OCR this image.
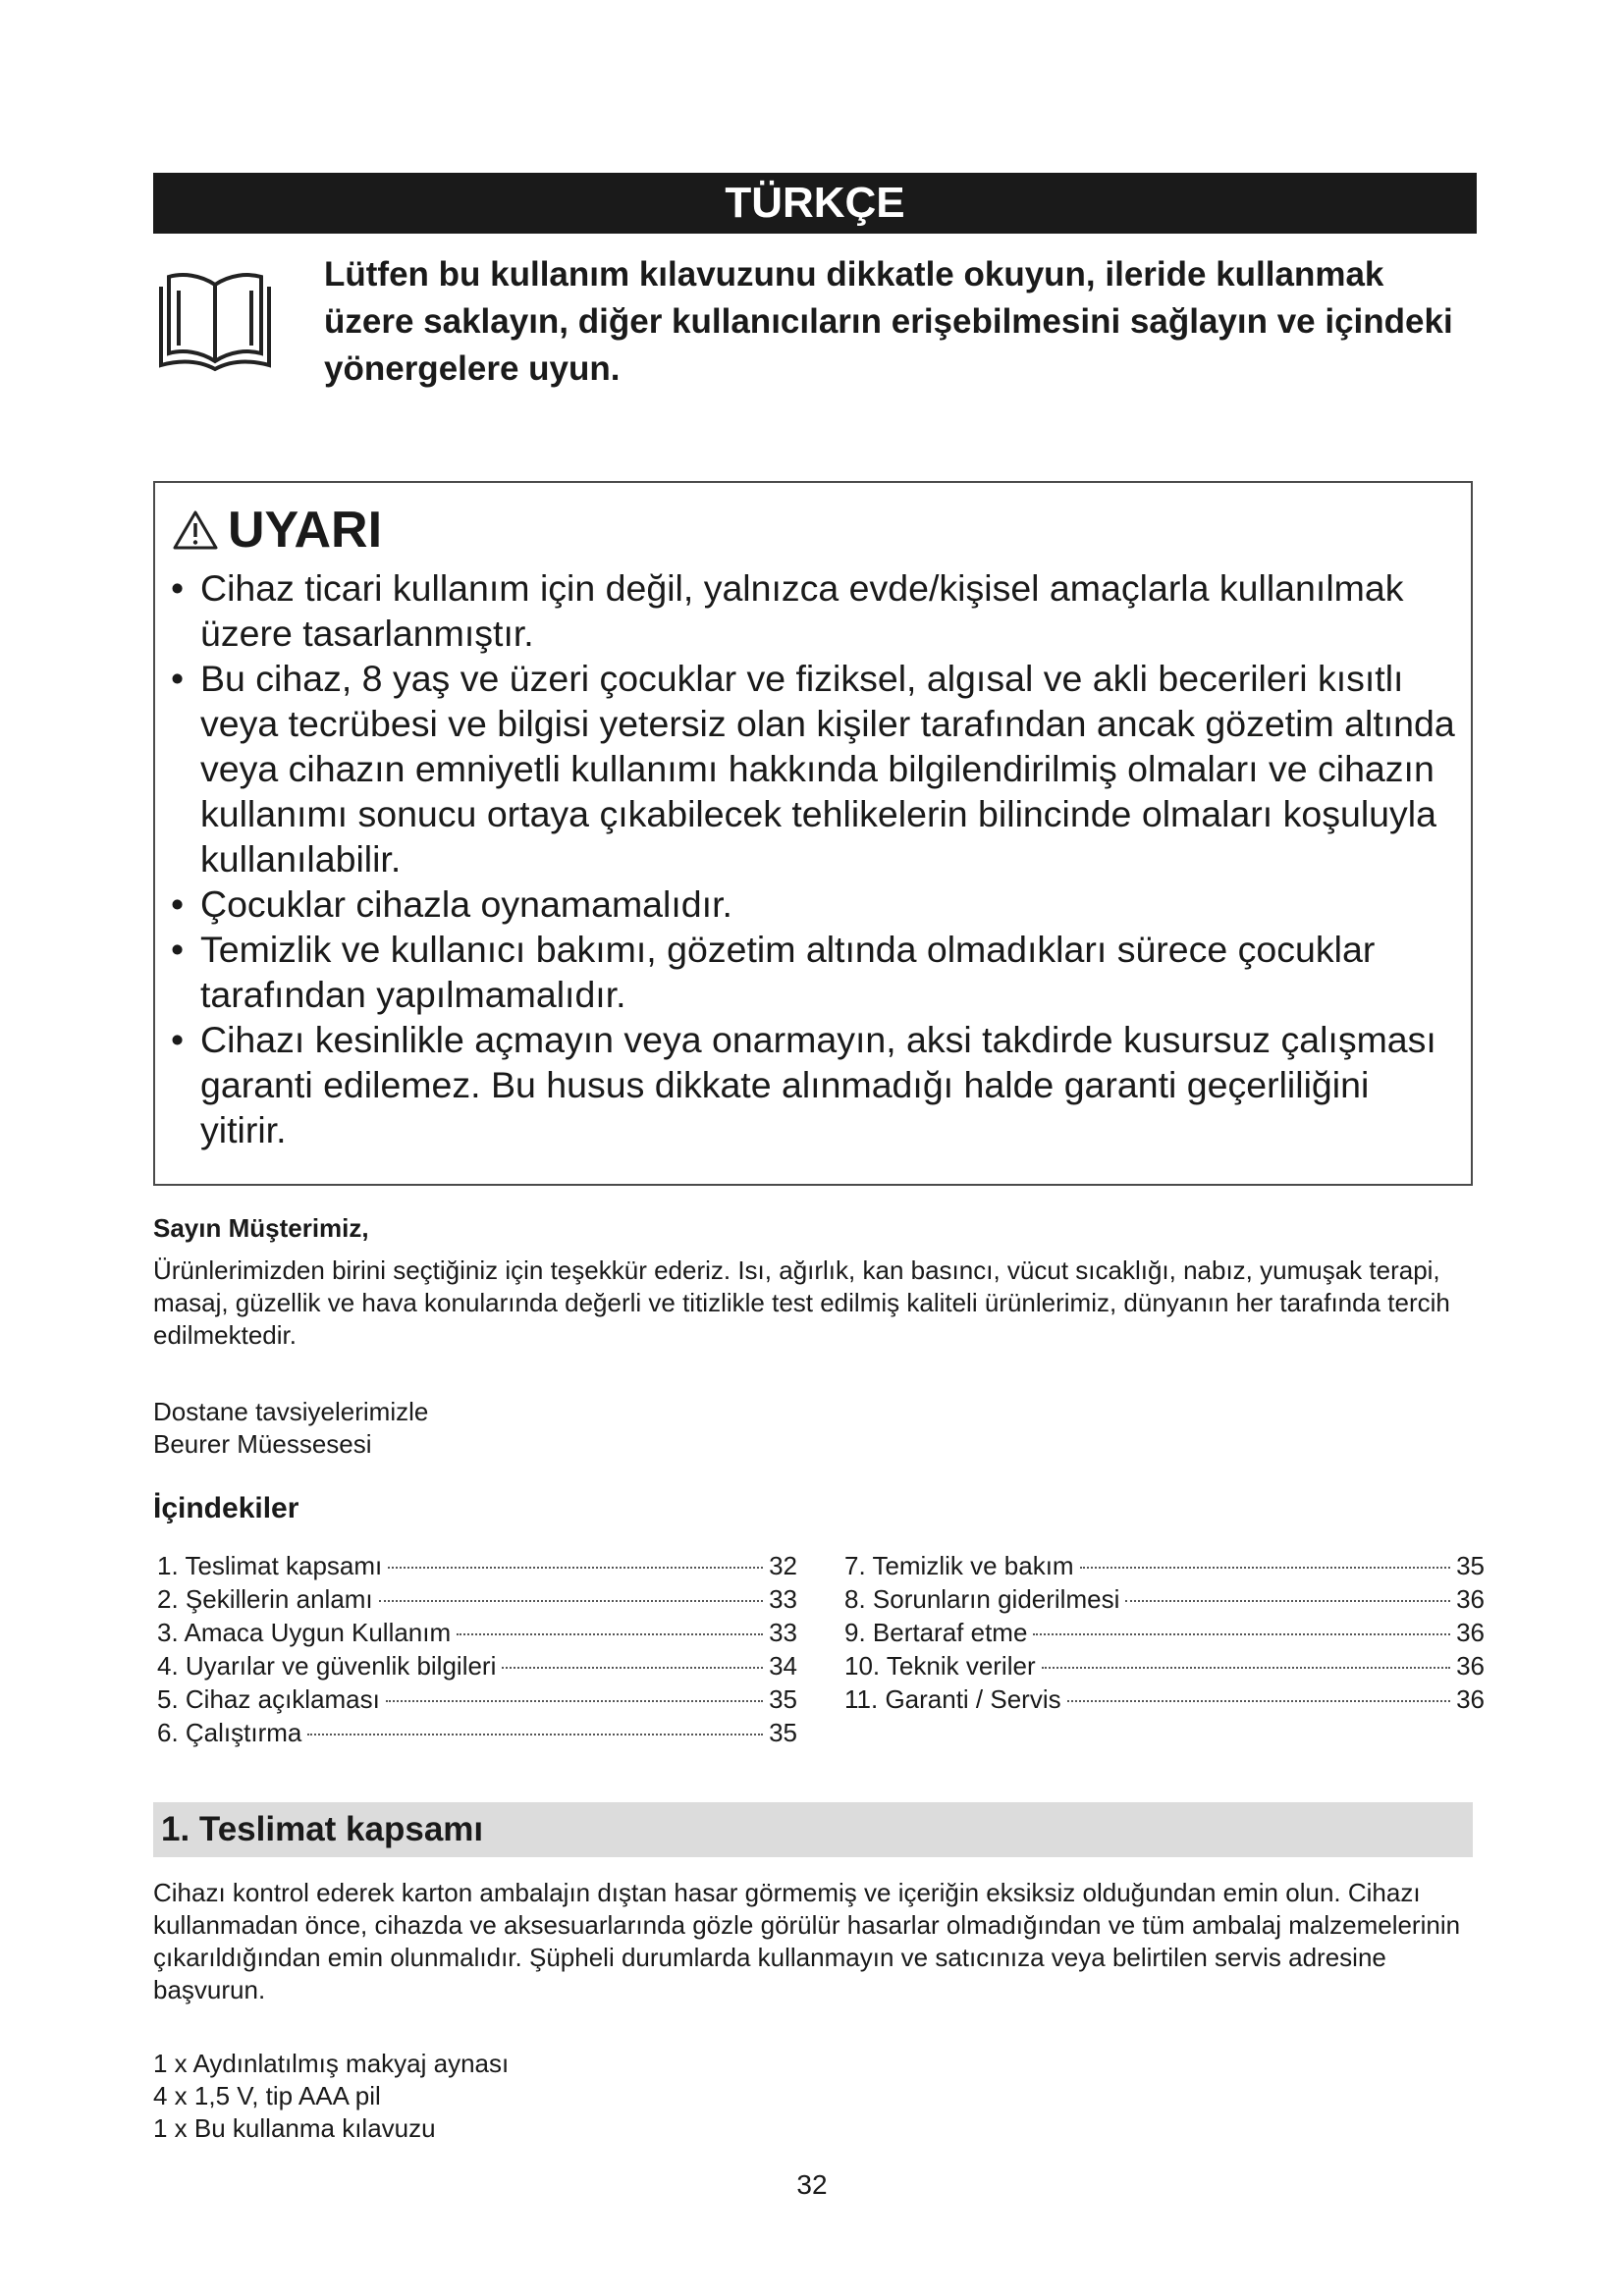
TÜRKÇE
Lütfen bu kullanım kılavuzunu dikkatle okuyun, ileride kullanmak üzere saklayın, diğer kullanıcıların erişebilmesini sağlayın ve içindeki yönergelere uyun.
UYARI
• Cihaz ticari kullanım için değil, yalnızca evde/kişisel amaçlarla kullanılmak üzere tasarlanmıştır.
• Bu cihaz, 8 yaş ve üzeri çocuklar ve fiziksel, algısal ve akli becerileri kısıtlı veya tecrübesi ve bilgisi yetersiz olan kişiler tarafından ancak gözetim altında veya cihazın emniyetli kullanımı hakkında bilgilendirilmiş olmaları ve cihazın kullanımı sonucu ortaya çıkabilecek tehlikelerin bilincinde olmaları koşuluyla kullanılabilir.
• Çocuklar cihazla oynamamalıdır.
• Temizlik ve kullanıcı bakımı, gözetim altında olmadıkları sürece çocuklar tarafından yapılmamalıdır.
• Cihazı kesinlikle açmayın veya onarmayın, aksi takdirde kusursuz çalışması garanti edilemez. Bu husus dikkate alınmadığı halde garanti geçerliliğini yitirir.
Sayın Müşterimiz,
Ürünlerimizden birini seçtiğiniz için teşekkür ederiz. Isı, ağırlık, kan basıncı, vücut sıcaklığı, nabız, yumuşak terapi, masaj, güzellik ve hava konularında değerli ve titizlikle test edilmiş kaliteli ürünlerimiz, dünyanın her tarafında tercih edilmektedir.
Dostane tavsiyelerimizle
Beurer Müessesesi
İçindekiler
1. Teslimat kapsamı	32
2. Şekillerin anlamı	33
3. Amaca Uygun Kullanım	33
4. Uyarılar ve güvenlik bilgileri	34
5. Cihaz açıklaması	35
6. Çalıştırma	35
7. Temizlik ve bakım	35
8. Sorunların giderilmesi	36
9. Bertaraf etme	36
10. Teknik veriler	36
11. Garanti / Servis	36
1. Teslimat kapsamı
Cihazı kontrol ederek karton ambalajın dıştan hasar görmemiş ve içeriğin eksiksiz olduğundan emin olun. Cihazı kullanmadan önce, cihazda ve aksesuarlarında gözle görülür hasarlar olmadığından ve tüm ambalaj malzemelerinin çıkarıldığından emin olunmalıdır. Şüpheli durumlarda kullanmayın ve satıcınıza veya belirtilen servis adresine başvurun.
1 x Aydınlatılmış makyaj aynası
4 x 1,5 V, tip AAA pil
1 x Bu kullanma kılavuzu
32
